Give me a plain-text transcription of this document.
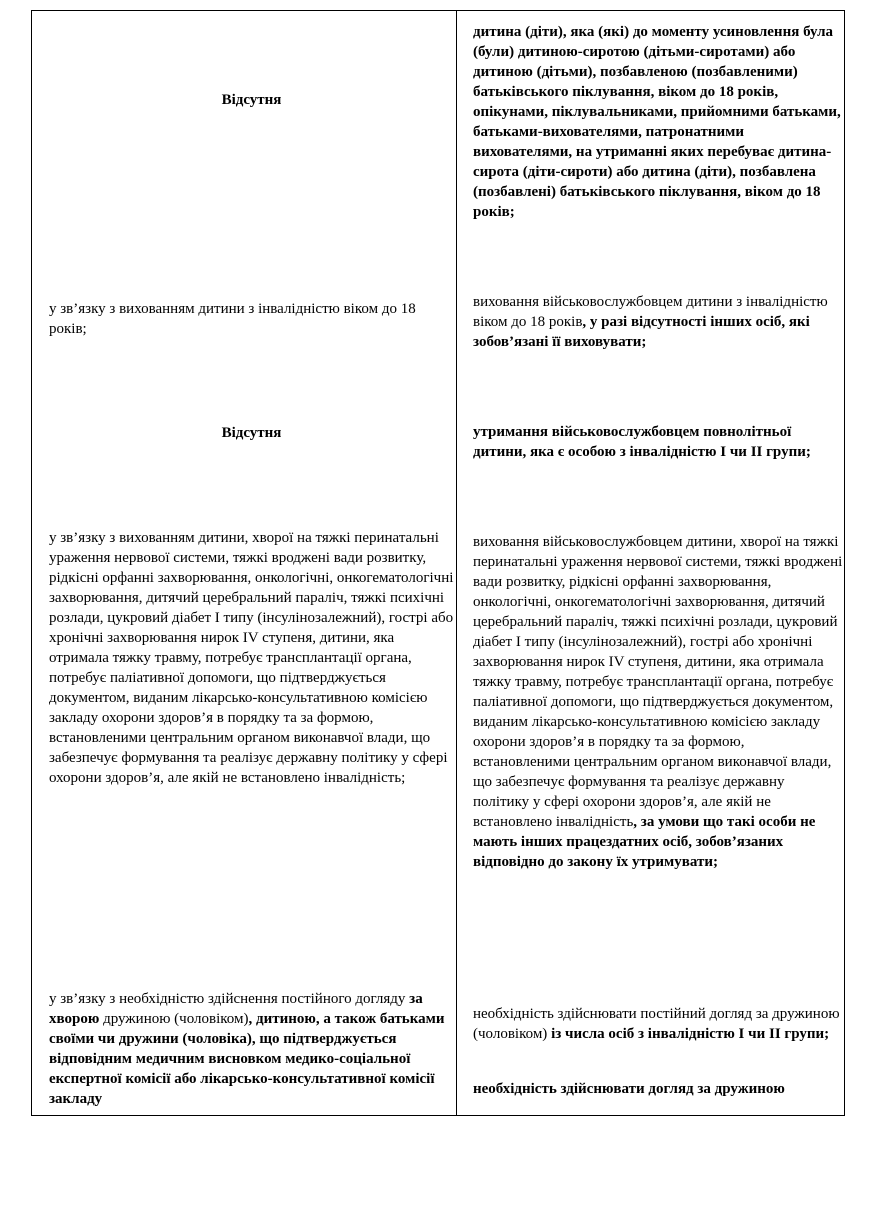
Відсутня
дитина (діти), яка (які) до моменту усиновлення була (були) дитиною-сиротою (дітьми-сиротами) або дитиною (дітьми), позбавленою (позбавленими) батьківського піклування, віком до 18 років, опікунами, піклувальниками, прийомними батьками, батьками-вихователями, патронатними вихователями, на утриманні яких перебуває дитина-сирота (діти-сироти) або дитина (діти), позбавлена (позбавлені) батьківського піклування, віком до 18 років;
у зв’язку з вихованням дитини з інвалідністю віком до 18 років;
виховання військовослужбовцем дитини з інвалідністю віком до 18 років, у разі відсутності інших осіб, які зобов’язані її виховувати;
Відсутня	утримання військовослужбовцем повнолітньої дитини, яка є особою з інвалідністю I чи II групи;
у зв’язку з вихованням дитини, хворої на тяжкі перинатальні ураження нервової системи, тяжкі вроджені вади розвитку, рідкісні орфанні захворювання, онкологічні, онкогематологічні захворювання, дитячий церебральний параліч, тяжкі психічні розлади, цукровий діабет I типу (інсулінозалежний), гострі або хронічні захворювання нирок IV ступеня, дитини, яка отримала тяжку травму, потребує трансплантації органа, потребує паліативної допомоги, що підтверджується документом, виданим лікарсько-консультативною комісією закладу охорони здоров’я в порядку та за формою, встановленими центральним органом виконавчої влади, що забезпечує формування та реалізує державну політику у сфері охорони здоров’я, але якій не встановлено інвалідність;
виховання військовослужбовцем дитини, хворої на тяжкі перинатальні ураження нервової системи, тяжкі вроджені вади розвитку, рідкісні орфанні захворювання, онкологічні, онкогематологічні захворювання, дитячий церебральний параліч, тяжкі психічні розлади, цукровий діабет I типу (інсулінозалежний), гострі або хронічні захворювання нирок IV ступеня, дитини, яка отримала тяжку травму, потребує трансплантації органа, потребує паліативної допомоги, що підтверджується документом, виданим лікарсько-консультативною комісією закладу охорони здоров’я в порядку та за формою, встановленими центральним органом виконавчої влади, що забезпечує формування та реалізує державну політику у сфері охорони здоров’я, але якій не встановлено інвалідність, за умови що такі особи не мають інших працездатних осіб, зобов’язаних відповідно до закону їх утримувати;
у зв’язку з необхідністю здійснення постійного догляду за хворою дружиною (чоловіком), дитиною, а також батьками своїми чи дружини (чоловіка), що підтверджується відповідним медичним висновком медико-соціальної експертної комісії або лікарсько-консультативної комісії закладу
необхідність здійснювати постійний догляд за дружиною (чоловіком) із числа осіб з інвалідністю I чи II групи;
необхідність здійснювати догляд за дружиною
